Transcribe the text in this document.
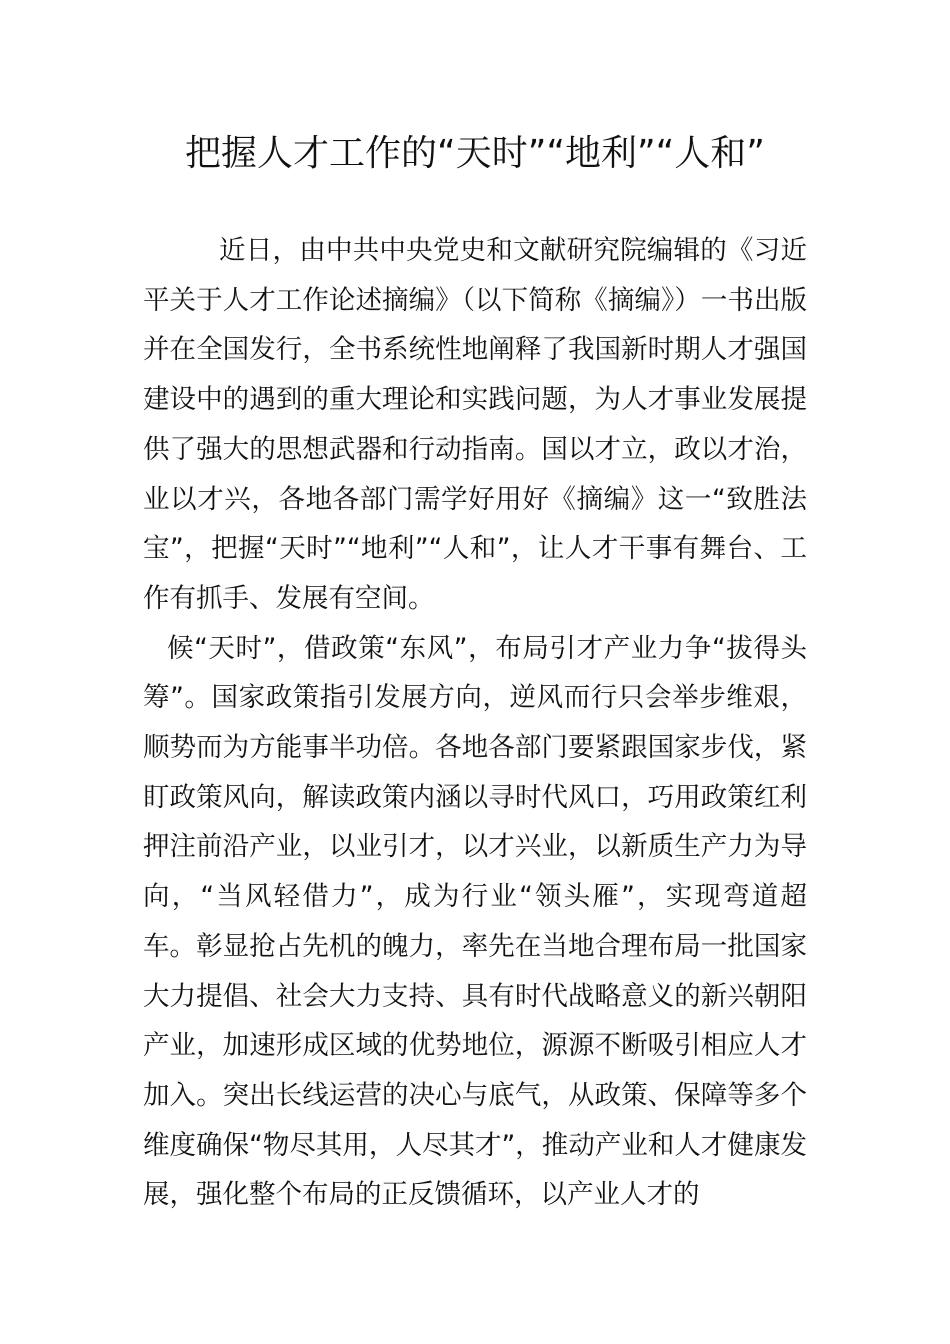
把握人才工作的“天时”“地利”“人和”

近日，由中共中央党史和文献研究院编辑的《习近平关于人才工作论述摘编》（以下简称《摘编》）一书出版并在全国发行，全书系统性地阐释了我国新时期人才强国建设中的遇到的重大理论和实践问题，为人才事业发展提供了强大的思想武器和行动指南。国以才立，政以才治，业以才兴，各地各部门需学好用好《摘编》这一“致胜法宝”，把握“天时”“地利”“人和”，让人才干事有舞台、工作有抓手、发展有空间。

候“天时”，借政策“东风”，布局引才产业力争“拔得头筹”。国家政策指引发展方向，逆风而行只会举步维艰，顺势而为方能事半功倍。各地各部门要紧跟国家步伐，紧盯政策风向，解读政策内涵以寻时代风口，巧用政策红利押注前沿产业，以业引才，以才兴业，以新质生产力为导向，“当风轻借力”，成为行业“领头雁”，实现弯道超车。彰显抢占先机的魄力，率先在当地合理布局一批国家大力提倡、社会大力支持、具有时代战略意义的新兴朝阳产业，加速形成区域的优势地位，源源不断吸引相应人才加入。突出长线运营的决心与底气，从政策、保障等多个维度确保“物尽其用，人尽其才”，推动产业和人才健康发展，强化整个布局的正反馈循环，以产业人才的
